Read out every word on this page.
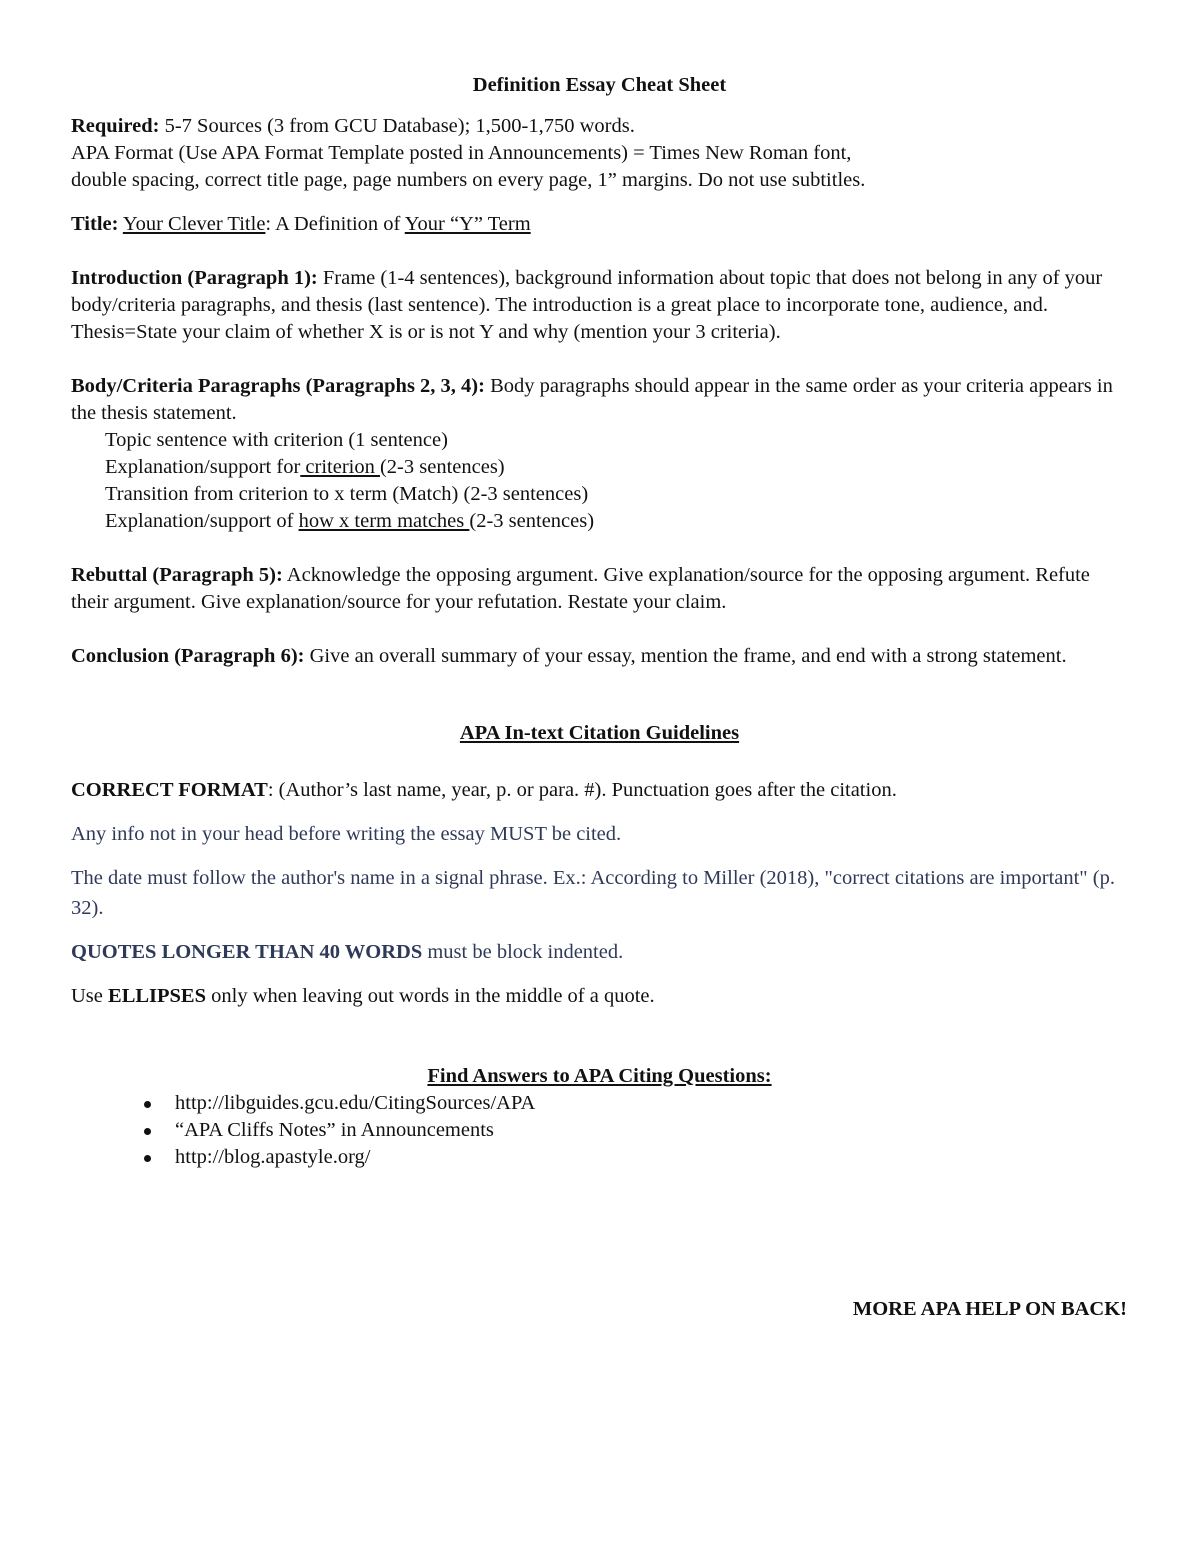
Definition Essay Cheat Sheet

Required: 5-7 Sources (3 from GCU Database); 1,500-1,750 words.

APA Format (Use APA Format Template posted in Announcements) = Times New Roman font,

double spacing, correct title page, page numbers on every page, 1” margins. Do not use subtitles.

Title: Your Clever Title: A Definition of Your “Y” Term

Introduction (Paragraph 1): Frame (1-4 sentences), background information about topic that does not belong in any of your body/criteria paragraphs, and thesis (last sentence). The introduction is a great place to incorporate tone, audience, and. Thesis=State your claim of whether X is or is not Y and why (mention your 3 criteria).

Body/Criteria Paragraphs (Paragraphs 2, 3, 4): Body paragraphs should appear in the same order as your criteria appears in the thesis statement.

Topic sentence with criterion (1 sentence)
Explanation/support for criterion (2-3 sentences)
Transition from criterion to x term (Match) (2-3 sentences)
Explanation/support of how x term matches (2-3 sentences)

Rebuttal (Paragraph 5): Acknowledge the opposing argument. Give explanation/source for the opposing argument. Refute their argument. Give explanation/source for your refutation. Restate your claim.

Conclusion (Paragraph 6): Give an overall summary of your essay, mention the frame, and end with a strong statement.

APA In-text Citation Guidelines

CORRECT FORMAT: (Author’s last name, year, p. or para. #). Punctuation goes after the citation.

Any info not in your head before writing the essay MUST be cited.

The date must follow the author's name in a signal phrase. Ex.: According to Miller (2018), "correct citations are important" (p. 32).

QUOTES LONGER THAN 40 WORDS must be block indented.

Use ELLIPSES only when leaving out words in the middle of a quote.

Find Answers to APA Citing Questions:

http://libguides.gcu.edu/CitingSources/APA
“APA Cliffs Notes” in Announcements
http://blog.apastyle.org/

MORE APA HELP ON BACK!
